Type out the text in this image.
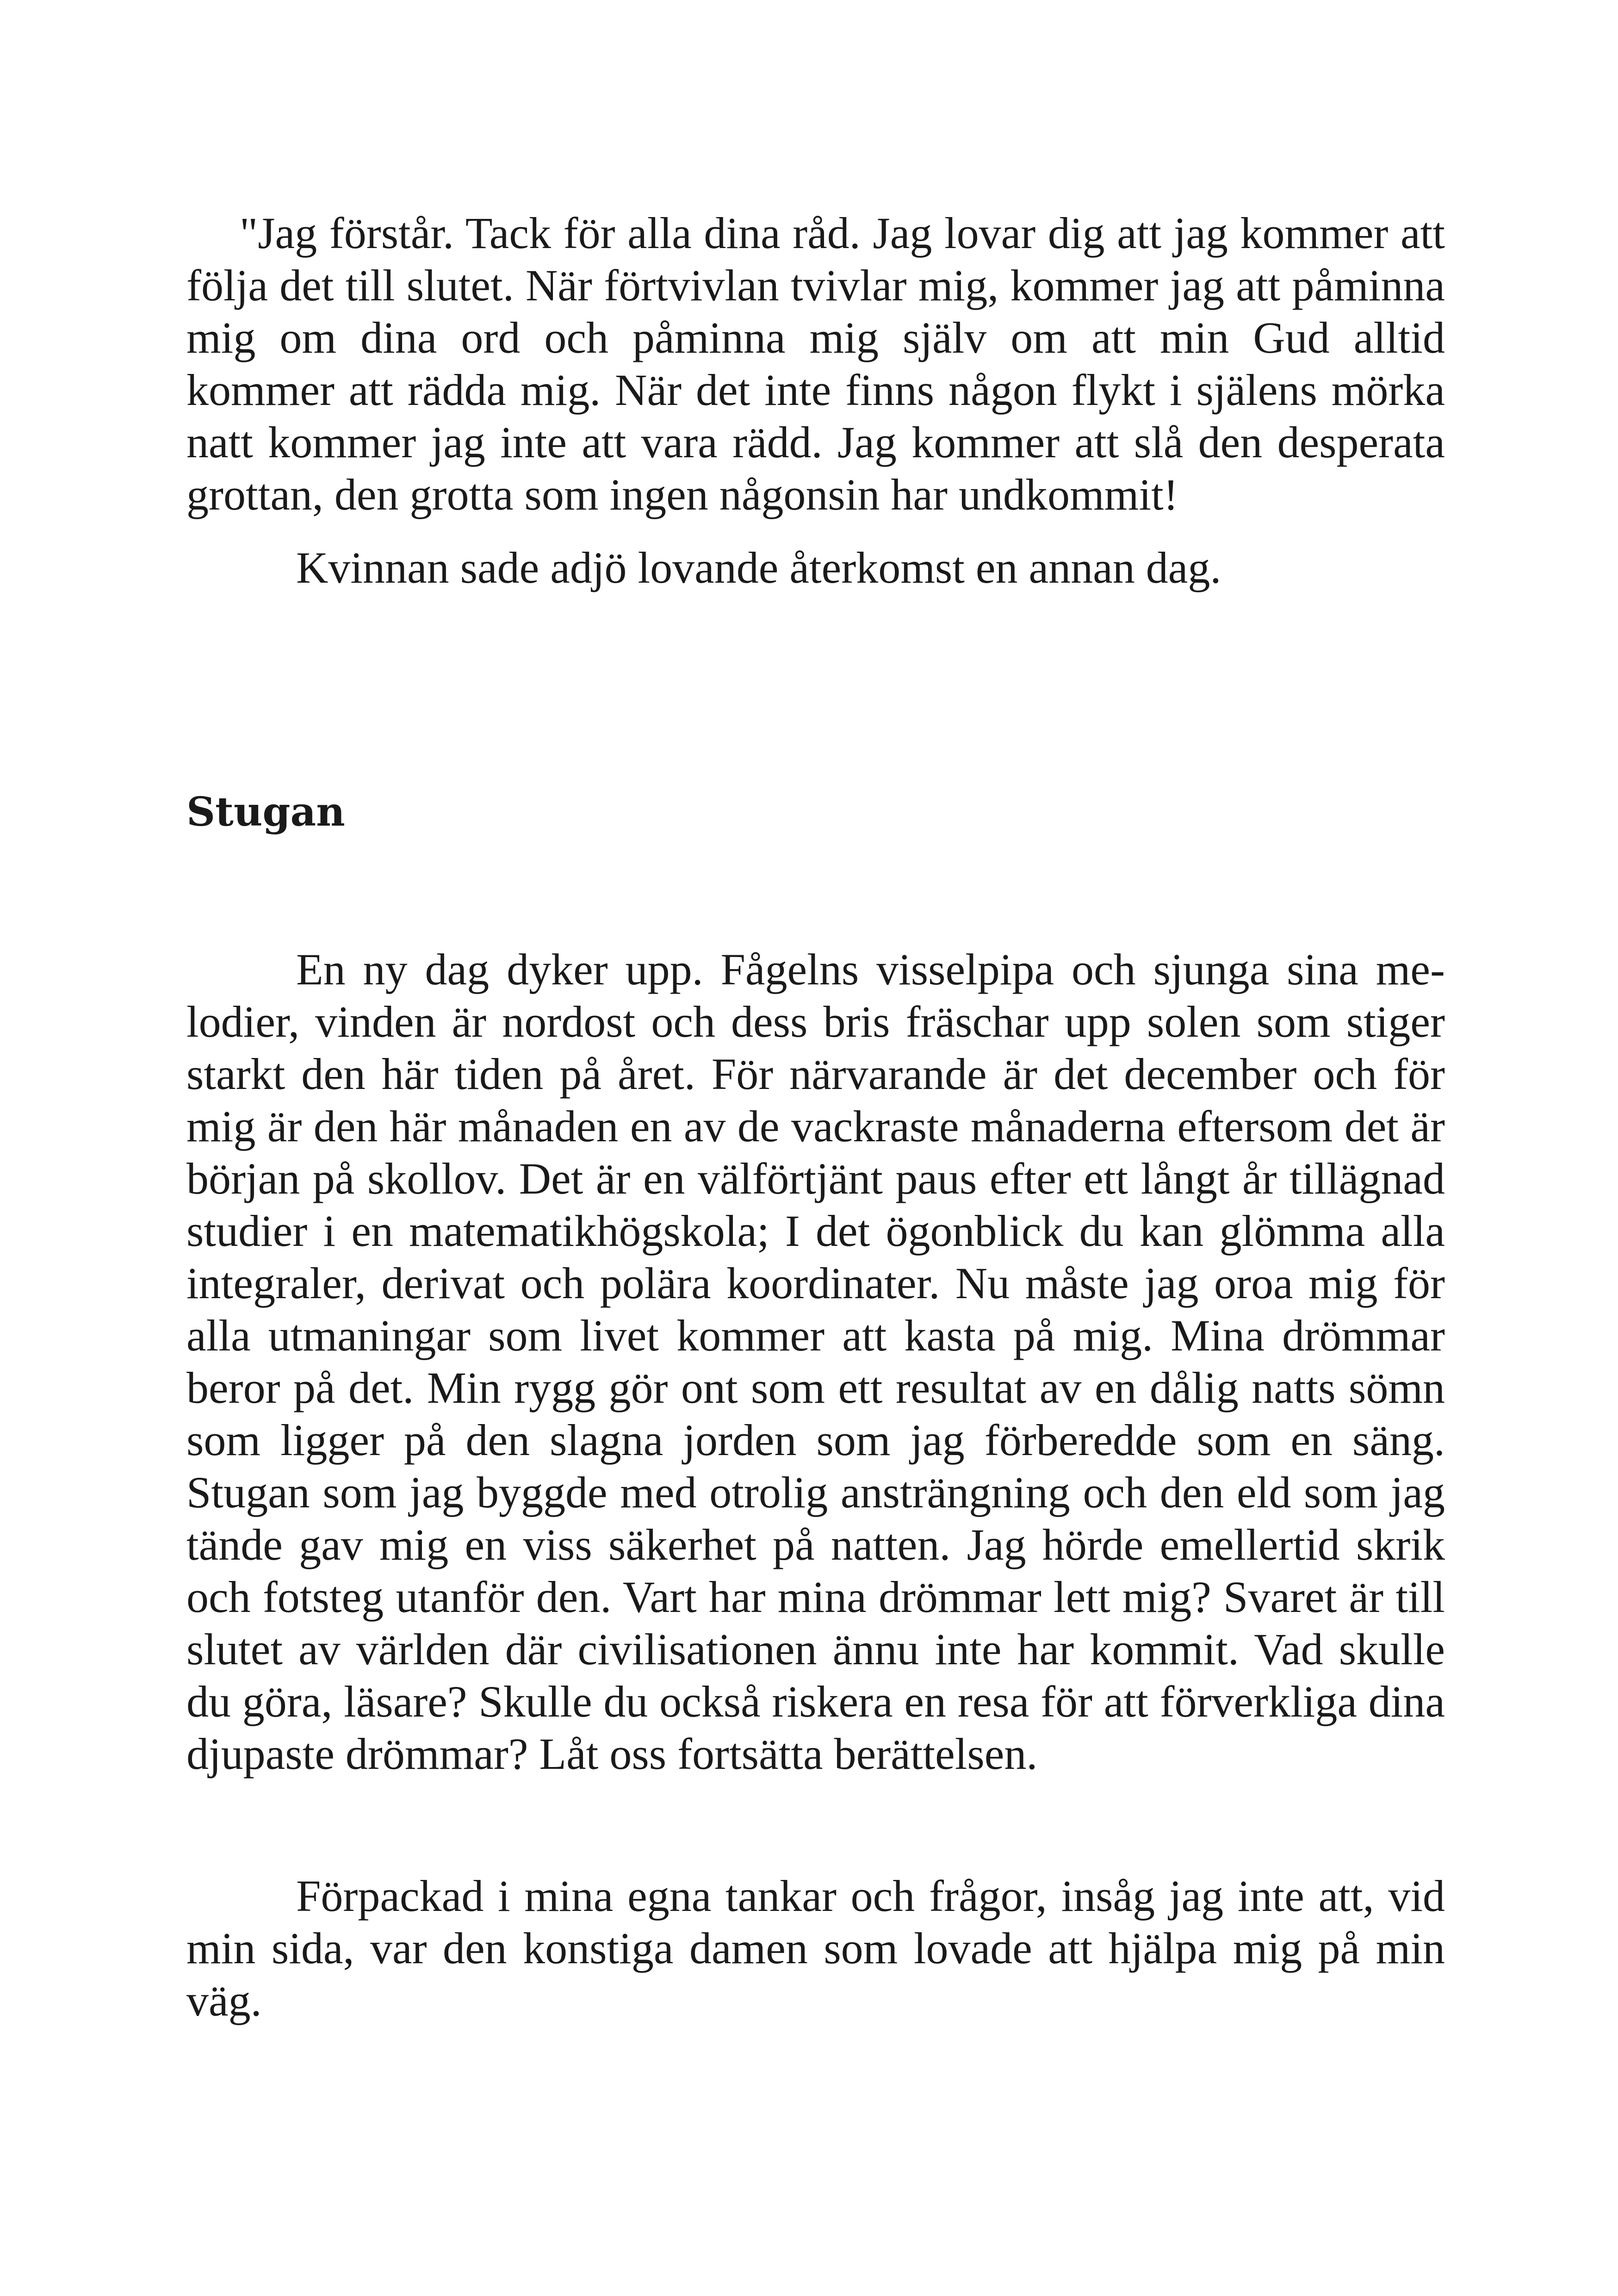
"Jag förstår. Tack för alla dina råd. Jag lovar dig att jag kommer att följa det till slutet. När förtvivlan tvivlar mig, kommer jag att påminna mig om dina ord och påminna mig själv om att min Gud alltid kommer att rädda mig. När det inte finns någon flykt i själens mörka natt kommer jag inte att vara rädd. Jag kommer att slå den desperata grottan, den grotta som ingen någonsin har undkommit!

Kvinnan sade adjö lovande återkomst en annan dag.

Stugan

En ny dag dyker upp. Fågelns visselpipa och sjunga sina melodier, vinden är nordost och dess bris fräschar upp solen som stiger starkt den här tiden på året. För närvarande är det december och för mig är den här månaden en av de vackraste månaderna eftersom det är början på skollov. Det är en välförtjänt paus efter ett långt år tillägnad studier i en matematikhögskola; I det ögonblick du kan glömma alla integraler, derivat och polära koordinater. Nu måste jag oroa mig för alla utmaningar som livet kommer att kasta på mig. Mina drömmar beror på det. Min rygg gör ont som ett resultat av en dålig natts sömn som ligger på den slagna jorden som jag förberedde som en säng. Stugan som jag byggde med otrolig ansträngning och den eld som jag tände gav mig en viss säkerhet på natten. Jag hörde emellertid skrik och fotsteg utanför den. Vart har mina drömmar lett mig? Svaret är till slutet av världen där civilisationen ännu inte har kommit. Vad skulle du göra, läsare? Skulle du också riskera en resa för att förverkliga dina djupaste drömmar? Låt oss fortsätta berättelsen.

Förpackad i mina egna tankar och frågor, insåg jag inte att, vid min sida, var den konstiga damen som lovade att hjälpa mig på min väg.
